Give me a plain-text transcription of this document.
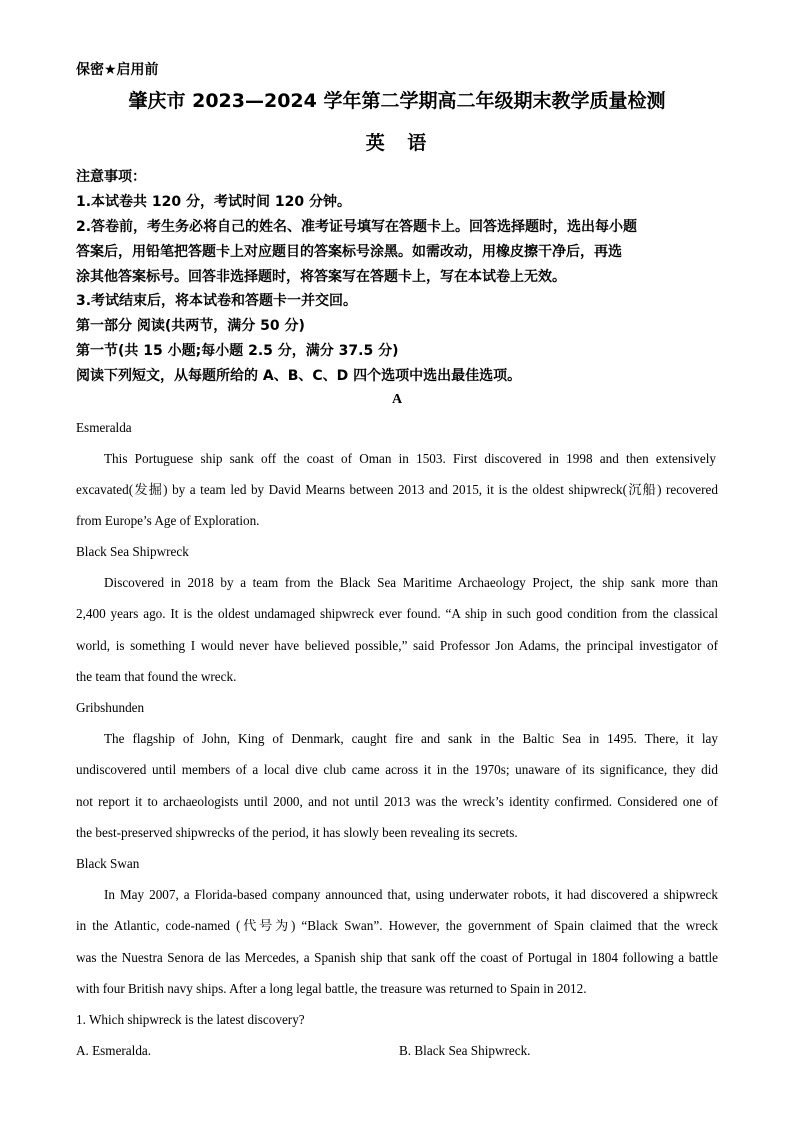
保密★启用前
肇庆市 2023—2024 学年第二学期高二年级期末教学质量检测
英 语
注意事项：
1.本试卷共 120 分，考试时间 120 分钟。
2.答卷前，考生务必将自己的姓名、准考证号填写在答题卡上。回答选择题时，选出每小题
答案后，用铅笔把答题卡上对应题目的答案标号涂黑。如需改动，用橡皮擦干净后，再选
涂其他答案标号。回答非选择题时，将答案写在答题卡上，写在本试卷上无效。
3.考试结束后，将本试卷和答题卡一并交回。
第一部分 阅读(共两节，满分 50 分)
第一节(共 15 小题;每小题 2.5 分，满分 37.5 分)
阅读下列短文，从每题所给的 A、B、C、D 四个选项中选出最佳选项。
A
Esmeralda
This Portuguese ship sank off the coast of Oman in 1503. First discovered in 1998 and then extensively
excavated(发掘) by a team led by David Mearns between 2013 and 2015, it is the oldest shipwreck(沉船) recovered
from Europe’s Age of Exploration.
Black Sea Shipwreck
Discovered in 2018 by a team from the Black Sea Maritime Archaeology Project, the ship sank more than
2,400 years ago. It is the oldest undamaged shipwreck ever found. “A ship in such good condition from the classical
world, is something I would never have believed possible,” said Professor Jon Adams, the principal investigator of
the team that found the wreck.
Gribshunden
The flagship of John, King of Denmark, caught fire and sank in the Baltic Sea in 1495. There, it lay
undiscovered until members of a local dive club came across it in the 1970s; unaware of its significance, they did
not report it to archaeologists until 2000, and not until 2013 was the wreck’s identity confirmed. Considered one of
the best-preserved shipwrecks of the period, it has slowly been revealing its secrets.
Black Swan
In May 2007, a Florida-based company announced that, using underwater robots, it had discovered a shipwreck
in the Atlantic, code-named (代号为) “Black Swan”. However, the government of Spain claimed that the wreck
was the Nuestra Senora de las Mercedes, a Spanish ship that sank off the coast of Portugal in 1804 following a battle
with four British navy ships. After a long legal battle, the treasure was returned to Spain in 2012.
1. Which shipwreck is the latest discovery?
A. Esmeralda.	B. Black Sea Shipwreck.
